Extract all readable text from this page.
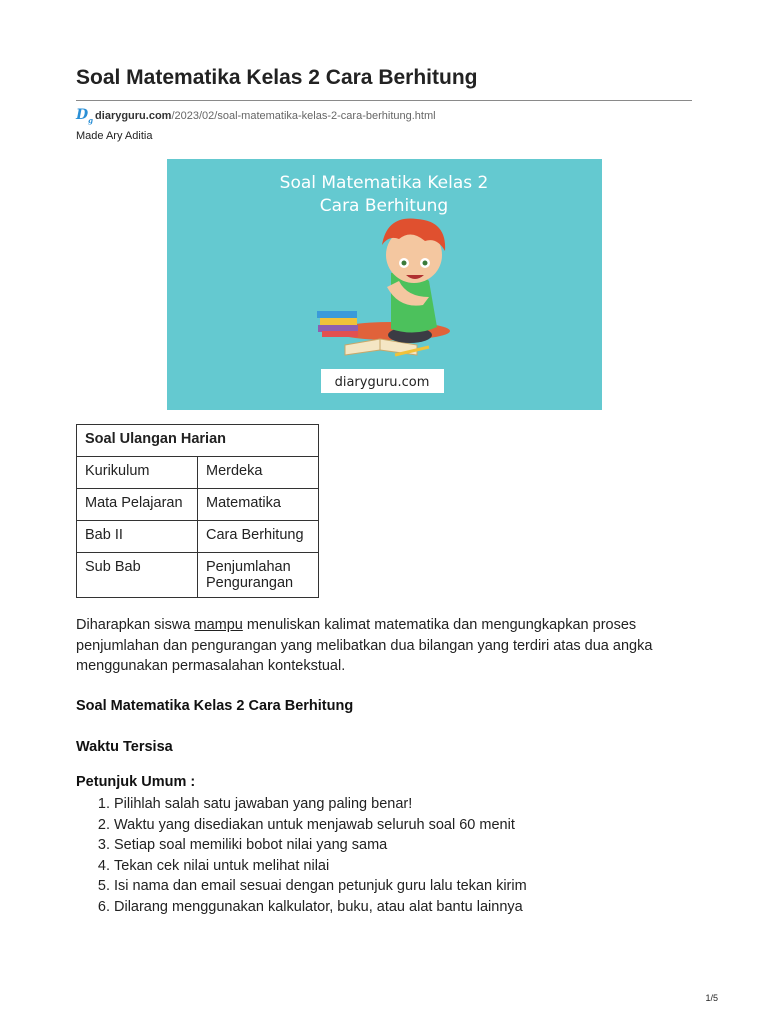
Soal Matematika Kelas 2 Cara Berhitung
$D_g$ diaryguru.com /2023/02/soal-matematika-kelas-2-cara-berhitung.html
Made Ary Aditia
Soal Matematika Kelas 2
Cara Berhitung
diaryguru.com
Soal Ulangan Harian	
Kurikulum	Merdeka
Mata Pelajaran	Matematika
Bab II	Cara Berhitung
Sub Bab	Penjumlahan
Pengurangan

Diharapkan siswa mampu menuliskan kalimat matematika dan mengungkapkan proses penjumlahan dan pengurangan yang melibatkan dua bilangan yang terdiri atas dua angka menggunakan permasalahan kontekstual.

Soal Matematika Kelas 2 Cara Berhitung

Waktu Tersisa

Petunjuk Umum :

1. Pilihlah salah satu jawaban yang paling benar!
2. Waktu yang disediakan untuk menjawab seluruh soal 60 menit
3. Setiap soal memiliki bobot nilai yang sama
4. Tekan cek nilai untuk melihat nilai
5. Isi nama dan email sesuai dengan petunjuk guru lalu tekan kirim
6. Dilarang menggunakan kalkulator, buku, atau alat bantu lainnya
1/5
